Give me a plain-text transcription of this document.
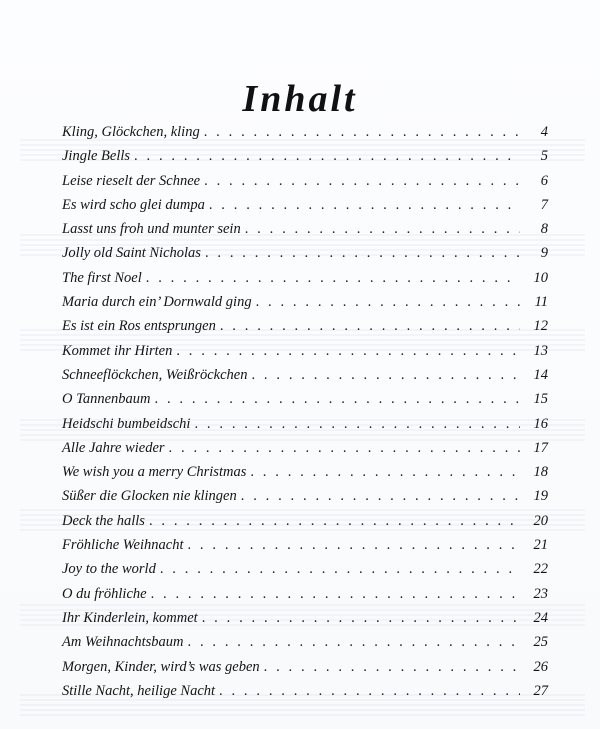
Inhalt
Kling, Glöckchen, kling . . .	4
Jingle Bells . . .	5
Leise rieselt der Schnee . . .	6
Es wird scho glei dumpa . . .	7
Lasst uns froh und munter sein . . .	8
Jolly old Saint Nicholas . . .	9
The first Noel . . .	10
Maria durch ein’ Dornwald ging . . .	11
Es ist ein Ros entsprungen . . .	12
Kommet ihr Hirten . . .	13
Schneeflöckchen, Weißröckchen . . .	14
O Tannenbaum . . .	15
Heidschi bumbeidschi . . .	16
Alle Jahre wieder . . .	17
We wish you a merry Christmas . . .	18
Süßer die Glocken nie klingen . . .	19
Deck the halls . . .	20
Fröhliche Weihnacht . . .	21
Joy to the world . . .	22
O du fröhliche . . .	23
Ihr Kinderlein, kommet . . .	24
Am Weihnachtsbaum . . .	25
Morgen, Kinder, wird’s was geben . . .	26
Stille Nacht, heilige Nacht . . .	27
